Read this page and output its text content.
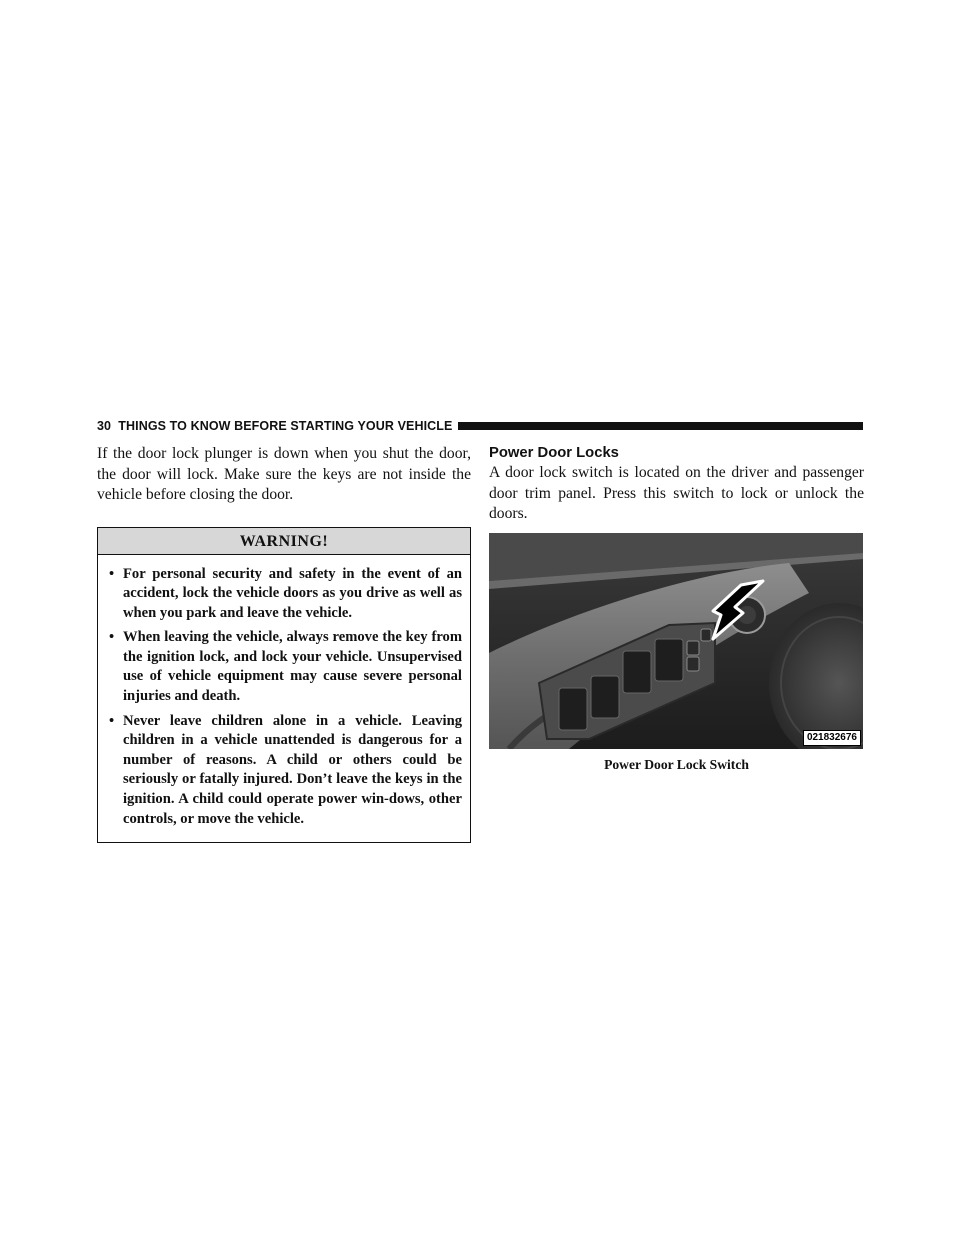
30 THINGS TO KNOW BEFORE STARTING YOUR VEHICLE

If the door lock plunger is down when you shut the door, the door will lock. Make sure the keys are not inside the vehicle before closing the door.

WARNING!
• For personal security and safety in the event of an accident, lock the vehicle doors as you drive as well as when you park and leave the vehicle.
• When leaving the vehicle, always remove the key from the ignition lock, and lock your vehicle. Unsupervised use of vehicle equipment may cause severe personal injuries and death.
• Never leave children alone in a vehicle. Leaving children in a vehicle unattended is dangerous for a number of reasons. A child or others could be seriously or fatally injured. Don’t leave the keys in the ignition. A child could operate power win-dows, other controls, or move the vehicle.
Power Door Locks

A door lock switch is located on the driver and passenger door trim panel. Press this switch to lock or unlock the doors.

021832676
Power Door Lock Switch
